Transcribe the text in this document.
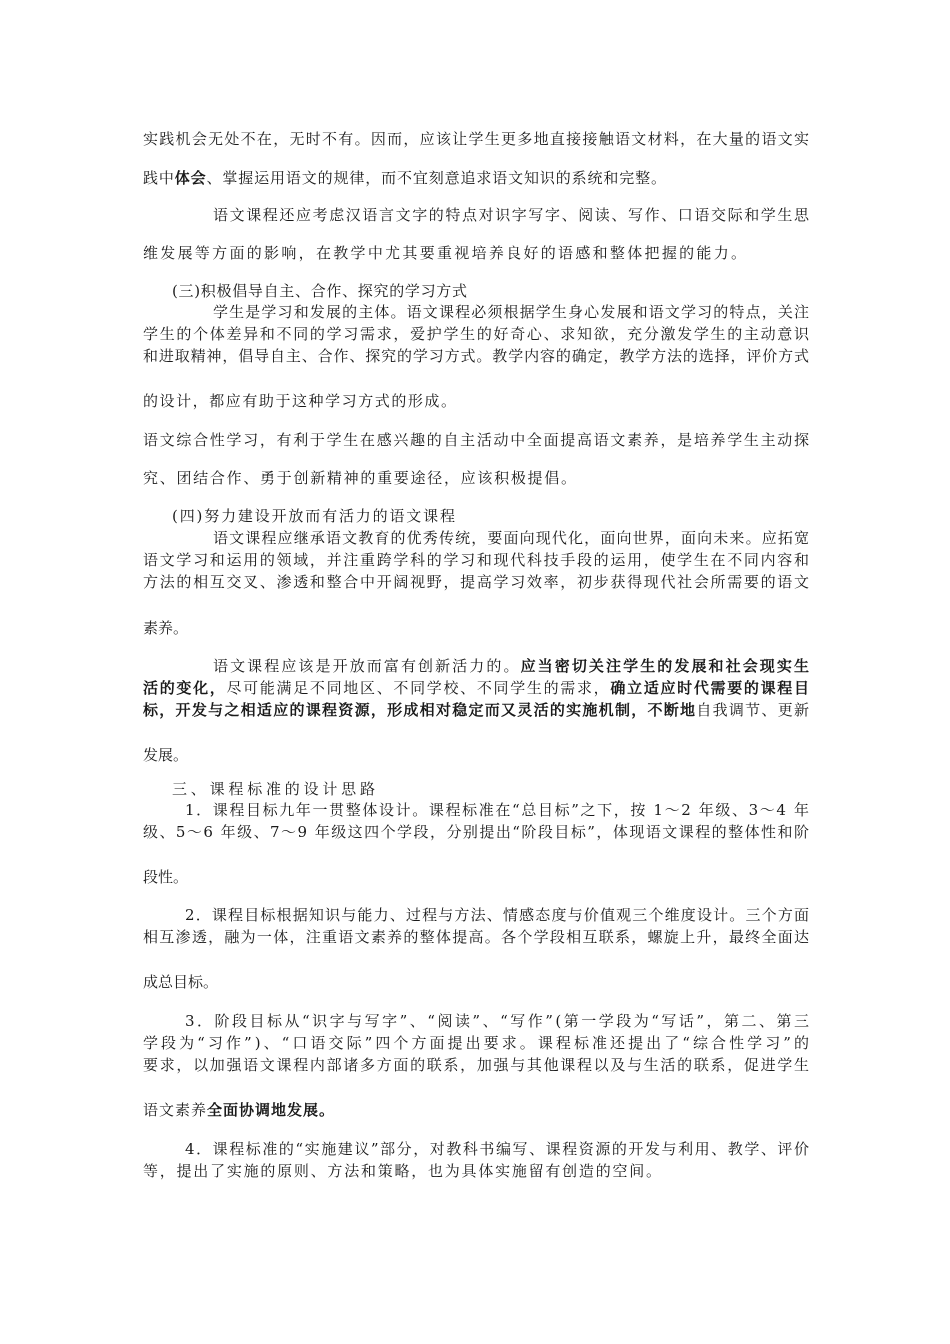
实践机会无处不在，无时不有。因而，应该让学生更多地直接接触语文材料，在大量的语文实
践中体会、掌握运用语文的规律，而不宜刻意追求语文知识的系统和完整。
语文课程还应考虑汉语言文字的特点对识字写字、阅读、写作、口语交际和学生思
维发展等方面的影响，在教学中尤其要重视培养良好的语感和整体把握的能力。
(三)积极倡导自主、合作、探究的学习方式
学生是学习和发展的主体。语文课程必须根据学生身心发展和语文学习的特点，关注
学生的个体差异和不同的学习需求，爱护学生的好奇心、求知欲，充分激发学生的主动意识
和进取精神，倡导自主、合作、探究的学习方式。教学内容的确定，教学方法的选择，评价方式
的设计，都应有助于这种学习方式的形成。
语文综合性学习，有利于学生在感兴趣的自主活动中全面提高语文素养，是培养学生主动探
究、团结合作、勇于创新精神的重要途径，应该积极提倡。
(四)努力建设开放而有活力的语文课程
语文课程应继承语文教育的优秀传统，要面向现代化，面向世界，面向未来。应拓宽
语文学习和运用的领域，并注重跨学科的学习和现代科技手段的运用，使学生在不同内容和
方法的相互交叉、渗透和整合中开阔视野，提高学习效率，初步获得现代社会所需要的语文
素养。
语文课程应该是开放而富有创新活力的。应当密切关注学生的发展和社会现实生
活的变化，尽可能满足不同地区、不同学校、不同学生的需求，确立适应时代需要的课程目
标，开发与之相适应的课程资源，形成相对稳定而又灵活的实施机制，不断地自我调节、更新
发展。
三、课程标准的设计思路
1．课程目标九年一贯整体设计。课程标准在“总目标”之下，按 1～2 年级、3～4 年
级、5～6 年级、7～9 年级这四个学段，分别提出“阶段目标”，体现语文课程的整体性和阶
段性。
2．课程目标根据知识与能力、过程与方法、情感态度与价值观三个维度设计。三个方面
相互渗透，融为一体，注重语文素养的整体提高。各个学段相互联系，螺旋上升，最终全面达
成总目标。
3．阶段目标从“识字与写字”、“阅读”、“写作”(第一学段为“写话”，第二、第三
学段为“习作”)、“口语交际”四个方面提出要求。课程标准还提出了“综合性学习”的
要求，以加强语文课程内部诸多方面的联系，加强与其他课程以及与生活的联系，促进学生
语文素养全面协调地发展。
4．课程标准的“实施建议”部分，对教科书编写、课程资源的开发与利用、教学、评价
等，提出了实施的原则、方法和策略，也为具体实施留有创造的空间。
